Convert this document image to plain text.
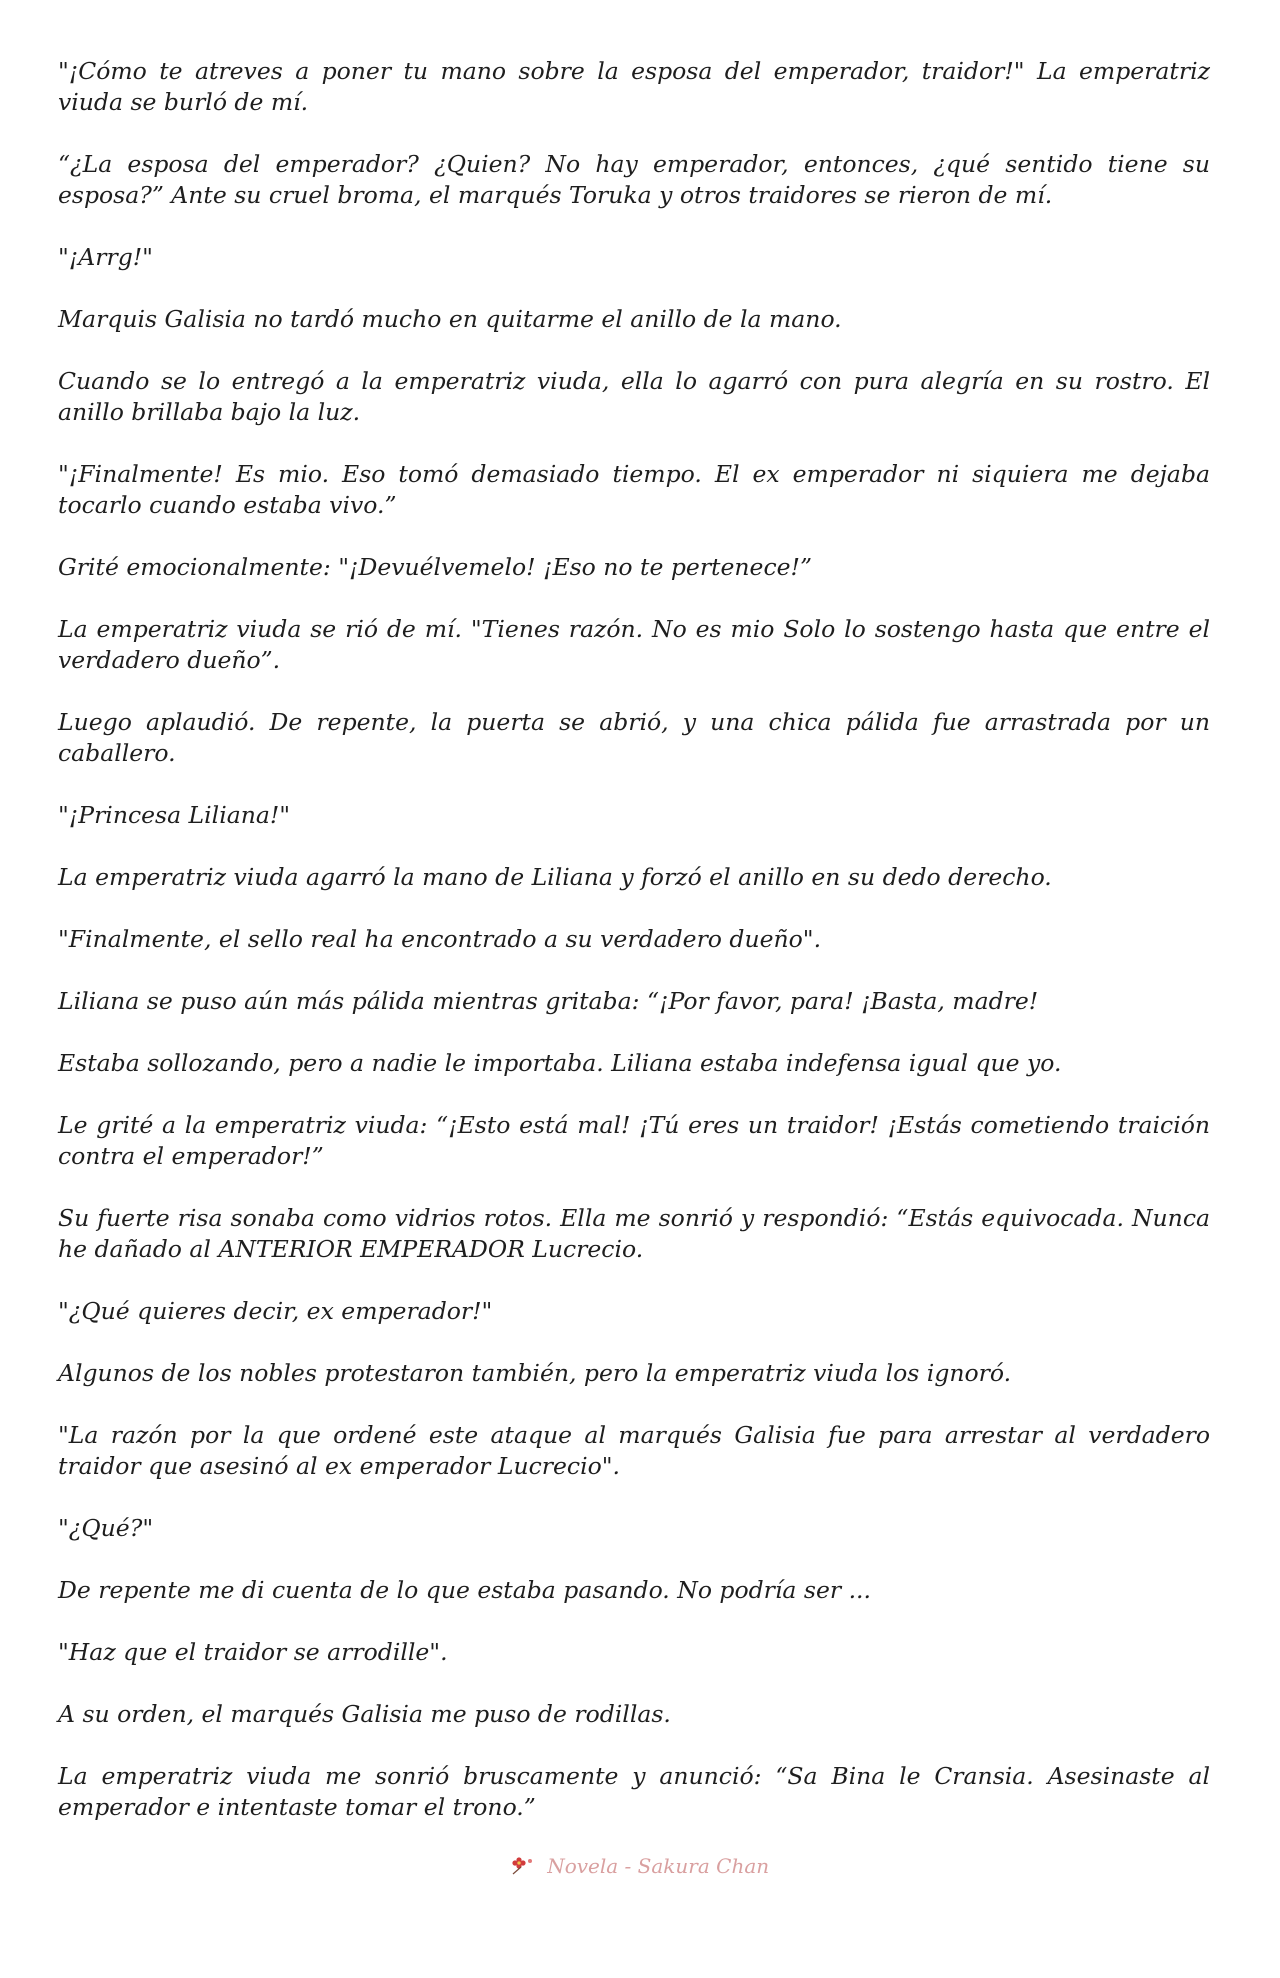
"¡Cómo te atreves a poner tu mano sobre la esposa del emperador, traidor!" La emperatriz viuda se burló de mí.

“¿La esposa del emperador? ¿Quien? No hay emperador, entonces, ¿qué sentido tiene su esposa?” Ante su cruel broma, el marqués Toruka y otros traidores se rieron de mí.

"¡Arrg!"

Marquis Galisia no tardó mucho en quitarme el anillo de la mano.

Cuando se lo entregó a la emperatriz viuda, ella lo agarró con pura alegría en su rostro. El anillo brillaba bajo la luz.

"¡Finalmente! Es mio. Eso tomó demasiado tiempo. El ex emperador ni siquiera me dejaba tocarlo cuando estaba vivo.”

Grité emocionalmente: "¡Devuélvemelo! ¡Eso no te pertenece!”

La emperatriz viuda se rió de mí. "Tienes razón. No es mio Solo lo sostengo hasta que entre el verdadero dueño”.

Luego aplaudió. De repente, la puerta se abrió, y una chica pálida fue arrastrada por un caballero.

"¡Princesa Liliana!"

La emperatriz viuda agarró la mano de Liliana y forzó el anillo en su dedo derecho.

"Finalmente, el sello real ha encontrado a su verdadero dueño".

Liliana se puso aún más pálida mientras gritaba: “¡Por favor, para! ¡Basta, madre!

Estaba sollozando, pero a nadie le importaba. Liliana estaba indefensa igual que yo.

Le grité a la emperatriz viuda: “¡Esto está mal! ¡Tú eres un traidor! ¡Estás cometiendo traición contra el emperador!”

Su fuerte risa sonaba como vidrios rotos. Ella me sonrió y respondió: “Estás equivocada. Nunca he dañado al ANTERIOR EMPERADOR Lucrecio.

"¿Qué quieres decir, ex emperador!"

Algunos de los nobles protestaron también, pero la emperatriz viuda los ignoró.

"La razón por la que ordené este ataque al marqués Galisia fue para arrestar al verdadero traidor que asesinó al ex emperador Lucrecio".

"¿Qué?"

De repente me di cuenta de lo que estaba pasando. No podría ser ...

"Haz que el traidor se arrodille".

A su orden, el marqués Galisia me puso de rodillas.

La emperatriz viuda me sonrió bruscamente y anunció: “Sa Bina le Cransia. Asesinaste al emperador e intentaste tomar el trono.”

Novela - Sakura Chan
